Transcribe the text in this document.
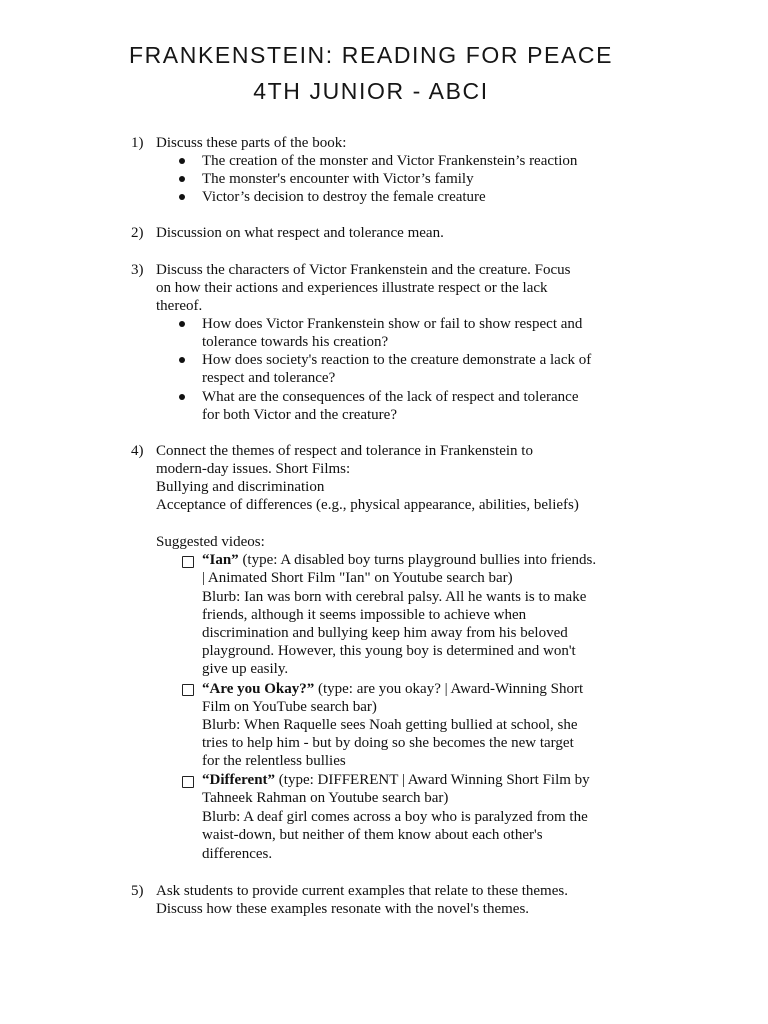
FRANKENSTEIN: READING FOR PEACE
4TH JUNIOR - ABCI
1) Discuss these parts of the book:
The creation of the monster and Victor Frankenstein’s reaction
The monster's encounter with Victor’s family
Victor’s decision to destroy the female creature
2) Discussion on what respect and tolerance mean.
3) Discuss the characters of Victor Frankenstein and the creature. Focus
on how their actions and experiences illustrate respect or the lack
thereof.
How does Victor Frankenstein show or fail to show respect and
tolerance towards his creation?
How does society's reaction to the creature demonstrate a lack of
respect and tolerance?
What are the consequences of the lack of respect and tolerance
for both Victor and the creature?
4) Connect the themes of respect and tolerance in Frankenstein to
modern-day issues. Short Films:
Bullying and discrimination
Acceptance of differences (e.g., physical appearance, abilities, beliefs)
Suggested videos:
“Ian” (type: A disabled boy turns playground bullies into friends.
| Animated Short Film "Ian" on Youtube search bar)
Blurb: Ian was born with cerebral palsy. All he wants is to make
friends, although it seems impossible to achieve when
discrimination and bullying keep him away from his beloved
playground. However, this young boy is determined and won't
give up easily.
“Are you Okay?” (type: are you okay? | Award-Winning Short
Film on YouTube search bar)
Blurb: When Raquelle sees Noah getting bullied at school, she
tries to help him - but by doing so she becomes the new target
for the relentless bullies
“Different” (type: DIFFERENT | Award Winning Short Film by
Tahneek Rahman on Youtube search bar)
Blurb: A deaf girl comes across a boy who is paralyzed from the
waist-down, but neither of them know about each other's
differences.
5) Ask students to provide current examples that relate to these themes.
Discuss how these examples resonate with the novel's themes.
